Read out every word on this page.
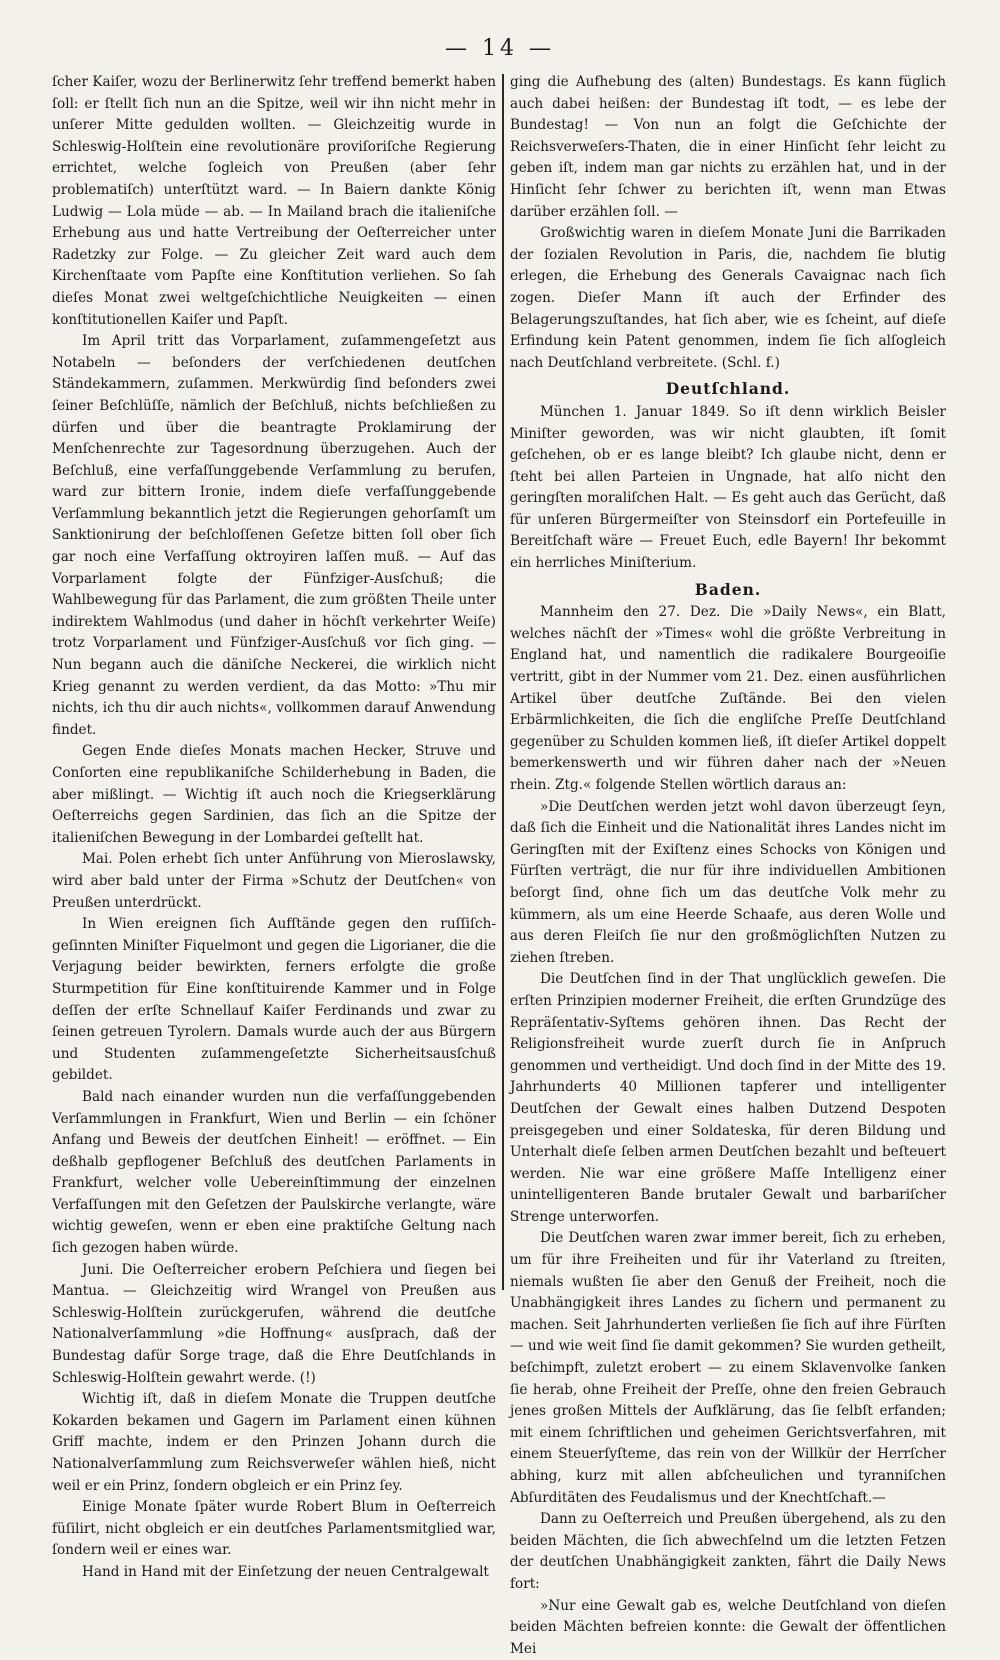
— 14 —

ſcher Kaiſer, wozu der Berlinerwitz ſehr treffend bemerkt haben ſoll: er ſtellt ſich nun an die Spitze, weil wir ihn nicht mehr in unſerer Mitte gedulden wollten. — Gleichzeitig wurde in Schleswig-Holſtein eine revolutionäre proviſoriſche Regierung errichtet, welche ſogleich von Preußen (aber ſehr problematiſch) unterſtützt ward. — In Baiern dankte König Ludwig — Lola müde — ab. — In Mailand brach die italieniſche Erhebung aus und hatte Vertreibung der Oeſterreicher unter Radetzky zur Folge. — Zu gleicher Zeit ward auch dem Kirchenſtaate vom Papſte eine Konſtitution verliehen. So ſah dieſes Monat zwei weltgeſchichtliche Neuigkeiten — einen konſtitutionellen Kaiſer und Papſt.

Im April tritt das Vorparlament, zuſammengeſetzt aus Notabeln — beſonders der verſchiedenen deutſchen Ständekammern, zuſammen. Merkwürdig ſind beſonders zwei ſeiner Beſchlüſſe, nämlich der Beſchluß, nichts beſchließen zu dürfen und über die beantragte Proklamirung der Menſchenrechte zur Tagesordnung überzugehen. Auch der Beſchluß, eine verfaſſunggebende Verſammlung zu berufen, ward zur bittern Ironie, indem dieſe verfaſſunggebende Verſammlung bekanntlich jetzt die Regierungen gehorſamſt um Sanktionirung der beſchloſſenen Geſetze bitten ſoll ober ſich gar noch eine Verfaſſung oktroyiren laſſen muß. — Auf das Vorparlament folgte der Fünfziger-Ausſchuß; die Wahlbewegung für das Parlament, die zum größten Theile unter indirektem Wahlmodus (und daher in höchſt verkehrter Weiſe) trotz Vorparlament und Fünfziger-Ausſchuß vor ſich ging. — Nun begann auch die däniſche Neckerei, die wirklich nicht Krieg genannt zu werden verdient, da das Motto: »Thu mir nichts, ich thu dir auch nichts«, vollkommen darauf Anwendung findet.

Gegen Ende dieſes Monats machen Hecker, Struve und Conſorten eine republikaniſche Schilderhebung in Baden, die aber mißlingt. — Wichtig iſt auch noch die Kriegserklärung Oeſterreichs gegen Sardinien, das ſich an die Spitze der italieniſchen Bewegung in der Lombardei geſtellt hat.

Mai. Polen erhebt ſich unter Anführung von Mieroslawsky, wird aber bald unter der Firma »Schutz der Deutſchen« von Preußen unterdrückt.

In Wien ereignen ſich Aufſtände gegen den ruſſiſch-geſinnten Miniſter Fiquelmont und gegen die Ligorianer, die die Verjagung beider bewirkten, ferners erfolgte die große Sturmpetition für Eine konſtituirende Kammer und in Folge deſſen der erſte Schnellauf Kaiſer Ferdinands und zwar zu ſeinen getreuen Tyrolern. Damals wurde auch der aus Bürgern und Studenten zuſammengeſetzte Sicherheitsausſchuß gebildet.

Bald nach einander wurden nun die verfaſſunggebenden Verſammlungen in Frankfurt, Wien und Berlin — ein ſchöner Anfang und Beweis der deutſchen Einheit! — eröffnet. — Ein deßhalb gepflogener Beſchluß des deutſchen Parlaments in Frankfurt, welcher volle Uebereinſtimmung der einzelnen Verfaſſungen mit den Geſetzen der Paulskirche verlangte, wäre wichtig geweſen, wenn er eben eine praktiſche Geltung nach ſich gezogen haben würde.

Juni. Die Oeſterreicher erobern Peſchiera und ſiegen bei Mantua. — Gleichzeitig wird Wrangel von Preußen aus Schleswig-Holſtein zurückgerufen, während die deutſche Nationalverſammlung »die Hoffnung« ausſprach, daß der Bundestag dafür Sorge trage, daß die Ehre Deutſchlands in Schleswig-Holſtein gewahrt werde. (!)

Wichtig iſt, daß in dieſem Monate die Truppen deutſche Kokarden bekamen und Gagern im Parlament einen kühnen Griff machte, indem er den Prinzen Johann durch die Nationalverſammlung zum Reichsverweſer wählen hieß, nicht weil er ein Prinz, ſondern obgleich er ein Prinz ſey.

Einige Monate ſpäter wurde Robert Blum in Oeſterreich füſilirt, nicht obgleich er ein deutſches Parlamentsmitglied war, ſondern weil er eines war.

Hand in Hand mit der Einſetzung der neuen Centralgewalt

ging die Aufhebung des (alten) Bundestags. Es kann füglich auch dabei heißen: der Bundestag iſt todt, — es lebe der Bundestag! — Von nun an folgt die Geſchichte der Reichsverweſers-Thaten, die in einer Hinſicht ſehr leicht zu geben iſt, indem man gar nichts zu erzählen hat, und in der Hinſicht ſehr ſchwer zu berichten iſt, wenn man Etwas darüber erzählen ſoll. —

Großwichtig waren in dieſem Monate Juni die Barrikaden der ſozialen Revolution in Paris, die, nachdem ſie blutig erlegen, die Erhebung des Generals Cavaignac nach ſich zogen. Dieſer Mann iſt auch der Erfinder des Belagerungszuſtandes, hat ſich aber, wie es ſcheint, auf dieſe Erfindung kein Patent genommen, indem ſie ſich alſogleich nach Deutſchland verbreitete. (Schl. f.)

Deutſchland.

München 1. Januar 1849. So iſt denn wirklich Beisler Miniſter geworden, was wir nicht glaubten, iſt ſomit geſchehen, ob er es lange bleibt? Ich glaube nicht, denn er ſteht bei allen Parteien in Ungnade, hat alſo nicht den geringſten moraliſchen Halt. — Es geht auch das Gerücht, daß für unſeren Bürgermeiſter von Steinsdorf ein Portefeuille in Bereitſchaft wäre — Freuet Euch, edle Bayern! Ihr bekommt ein herrliches Miniſterium.

Baden.

Mannheim den 27. Dez. Die »Daily News«, ein Blatt, welches nächſt der »Times« wohl die größte Verbreitung in England hat, und namentlich die radikalere Bourgeoiſie vertritt, gibt in der Nummer vom 21. Dez. einen ausführlichen Artikel über deutſche Zuſtände. Bei den vielen Erbärmlichkeiten, die ſich die engliſche Preſſe Deutſchland gegenüber zu Schulden kommen ließ, iſt dieſer Artikel doppelt bemerkenswerth und wir führen daher nach der »Neuen rhein. Ztg.« folgende Stellen wörtlich daraus an:

»Die Deutſchen werden jetzt wohl davon überzeugt ſeyn, daß ſich die Einheit und die Nationalität ihres Landes nicht im Geringſten mit der Exiſtenz eines Schocks von Königen und Fürſten verträgt, die nur für ihre individuellen Ambitionen beſorgt ſind, ohne ſich um das deutſche Volk mehr zu kümmern, als um eine Heerde Schaafe, aus deren Wolle und aus deren Fleiſch ſie nur den großmöglichſten Nutzen zu ziehen ſtreben.

Die Deutſchen ſind in der That unglücklich geweſen. Die erſten Prinzipien moderner Freiheit, die erſten Grundzüge des Repräſentativ-Syſtems gehören ihnen. Das Recht der Religionsfreiheit wurde zuerſt durch ſie in Anſpruch genommen und vertheidigt. Und doch ſind in der Mitte des 19. Jahrhunderts 40 Millionen tapferer und intelligenter Deutſchen der Gewalt eines halben Dutzend Despoten preisgegeben und einer Soldateska, für deren Bildung und Unterhalt dieſe ſelben armen Deutſchen bezahlt und beſteuert werden. Nie war eine größere Maſſe Intelligenz einer unintelligenteren Bande brutaler Gewalt und barbariſcher Strenge unterworfen.

Die Deutſchen waren zwar immer bereit, ſich zu erheben, um für ihre Freiheiten und für ihr Vaterland zu ſtreiten, niemals wußten ſie aber den Genuß der Freiheit, noch die Unabhängigkeit ihres Landes zu ſichern und permanent zu machen. Seit Jahrhunderten verließen ſie ſich auf ihre Fürſten — und wie weit ſind ſie damit gekommen? Sie wurden getheilt, beſchimpft, zuletzt erobert — zu einem Sklavenvolke ſanken ſie herab, ohne Freiheit der Preſſe, ohne den freien Gebrauch jenes großen Mittels der Aufklärung, das ſie ſelbſt erfanden; mit einem ſchriftlichen und geheimen Gerichtsverfahren, mit einem Steuerſyſteme, das rein von der Willkür der Herrſcher abhing, kurz mit allen abſcheulichen und tyranniſchen Abſurditäten des Feudalismus und der Knechtſchaft.—

Dann zu Oeſterreich und Preußen übergehend, als zu den beiden Mächten, die ſich abwechſelnd um die letzten Fetzen der deutſchen Unabhängigkeit zankten, fährt die Daily News fort:

»Nur eine Gewalt gab es, welche Deutſchland von dieſen beiden Mächten befreien konnte: die Gewalt der öffentlichen Mei
